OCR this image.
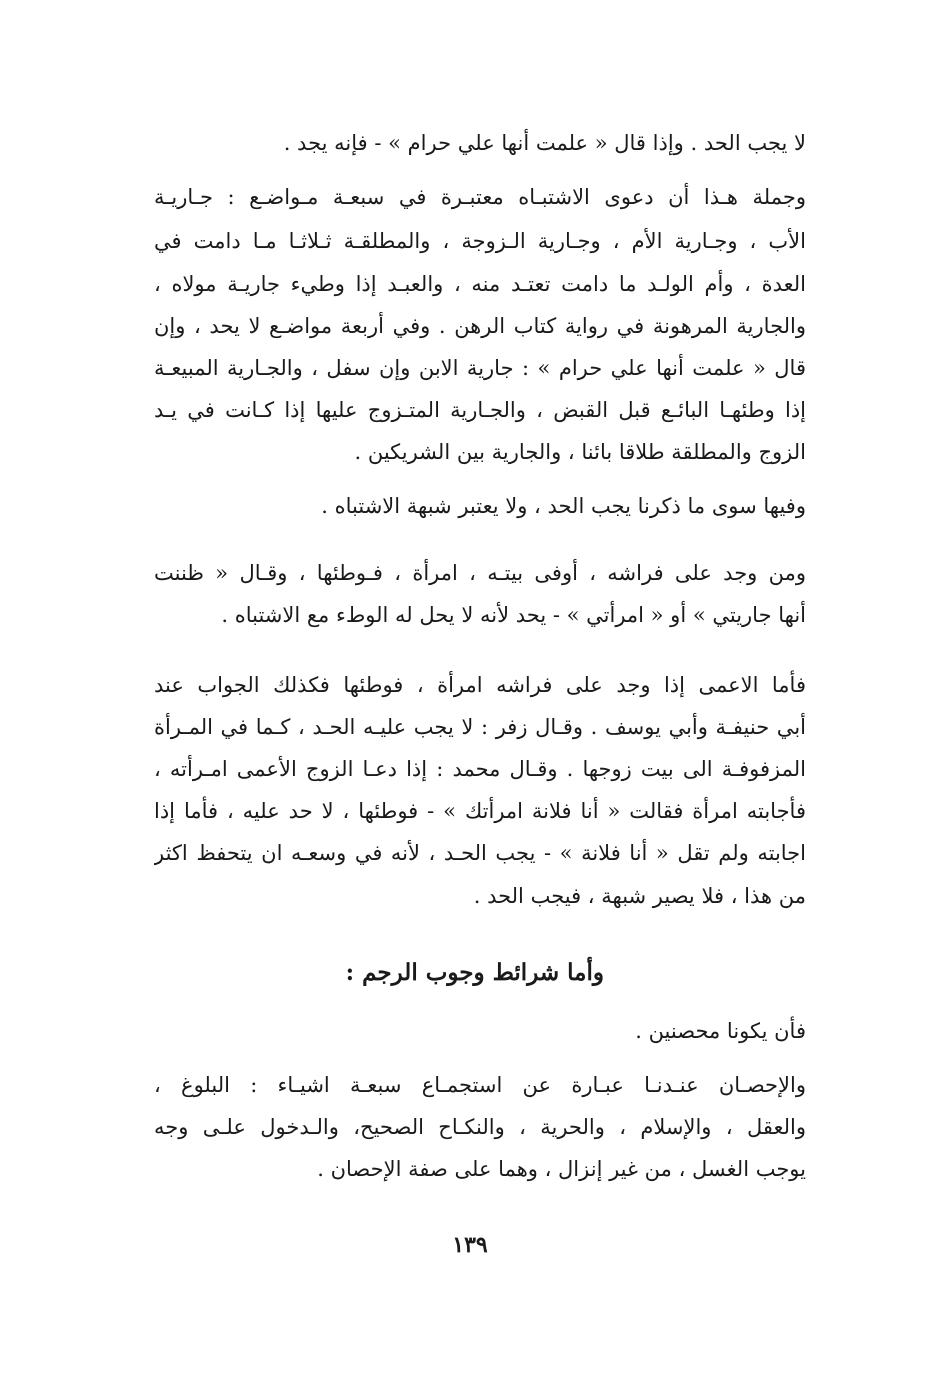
لا يجب الحد . وإذا قال « علمت أنها علي حرام » - فإنه يجد .
وجملة هـذا أن دعوى الاشتبـاه معتبـرة في سبعـة مـواضـع : جـاريـة
الأب ، وجـارية الأم ، وجـارية الـزوجة ، والمطلقـة ثـلاثـا مـا دامت في
العدة ، وأم الولـد ما دامت تعتـد منه ، والعبـد إذا وطيء جاريـة مولاه ،
والجارية المرهونة في رواية كتاب الرهن . وفي أربعة مواضـع لا يحد ، وإن
قال « علمت أنها علي حرام » : جارية الابن وإن سفل ، والجـارية المبيعـة
إذا وطئهـا البائـع قبل القبض ، والجـارية المتـزوج عليها إذا كـانت في يـد
الزوج والمطلقة طلاقا بائنا ، والجارية بين الشريكين .
وفيها سوى ما ذكرنا يجب الحد ، ولا يعتبر شبهة الاشتباه .
ومن وجد على فراشه ، أوفى بيتـه ، امرأة ، فـوطئها ، وقـال « ظننت
أنها جاريتي » أو « امرأتي » - يحد لأنه لا يحل له الوطء مع الاشتباه .
فأما الاعمى إذا وجد على فراشه امرأة ، فوطئها فكذلك الجواب عند
أبي حنيفـة وأبي يوسف . وقـال زفر : لا يجب عليـه الحـد ، كـما في المـرأة
المزفوفـة الى بيت زوجها . وقـال محمد : إذا دعـا الزوج الأعمى امـرأته ،
فأجابته امرأة فقالت « أنا فلانة امرأتك » - فوطئها ، لا حد عليه ، فأما إذا
اجابته ولم تقل « أنا فلانة » - يجب الحـد ، لأنه في وسعـه ان يتحفظ اكثر
من هذا ، فلا يصير شبهة ، فيجب الحد .
وأما شرائط وجوب الرجم :
فأن يكونا محصنين .
والإحصـان عنـدنـا عبـارة عن استجمـاع سبعـة اشيـاء : البلوغ ،
والعقل ، والإسلام ، والحرية ، والنكـاح الصحيح، والـدخول علـى وجه
يوجب الغسل ، من غير إنزال ، وهما على صفة الإحصان .
١٣٩
